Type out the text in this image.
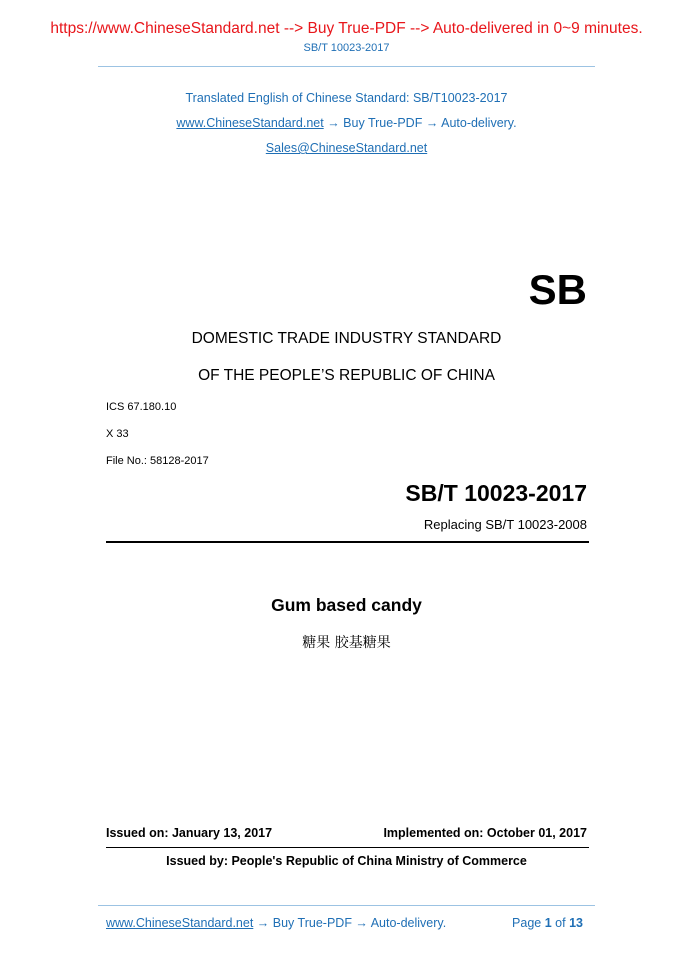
https://www.ChineseStandard.net --> Buy True-PDF --> Auto-delivered in 0~9 minutes.
SB/T 10023-2017
Translated English of Chinese Standard: SB/T10023-2017
www.ChineseStandard.net → Buy True-PDF → Auto-delivery.
Sales@ChineseStandard.net
SB
DOMESTIC TRADE INDUSTRY STANDARD
OF THE PEOPLE’S REPUBLIC OF CHINA
ICS 67.180.10
X 33
File No.: 58128-2017
SB/T 10023-2017
Replacing SB/T 10023-2008
Gum based candy
糖果 胶基糖果
Issued on: January 13, 2017	Implemented on: October 01, 2017
Issued by: People's Republic of China Ministry of Commerce
www.ChineseStandard.net → Buy True-PDF → Auto-delivery.	Page 1 of 13
